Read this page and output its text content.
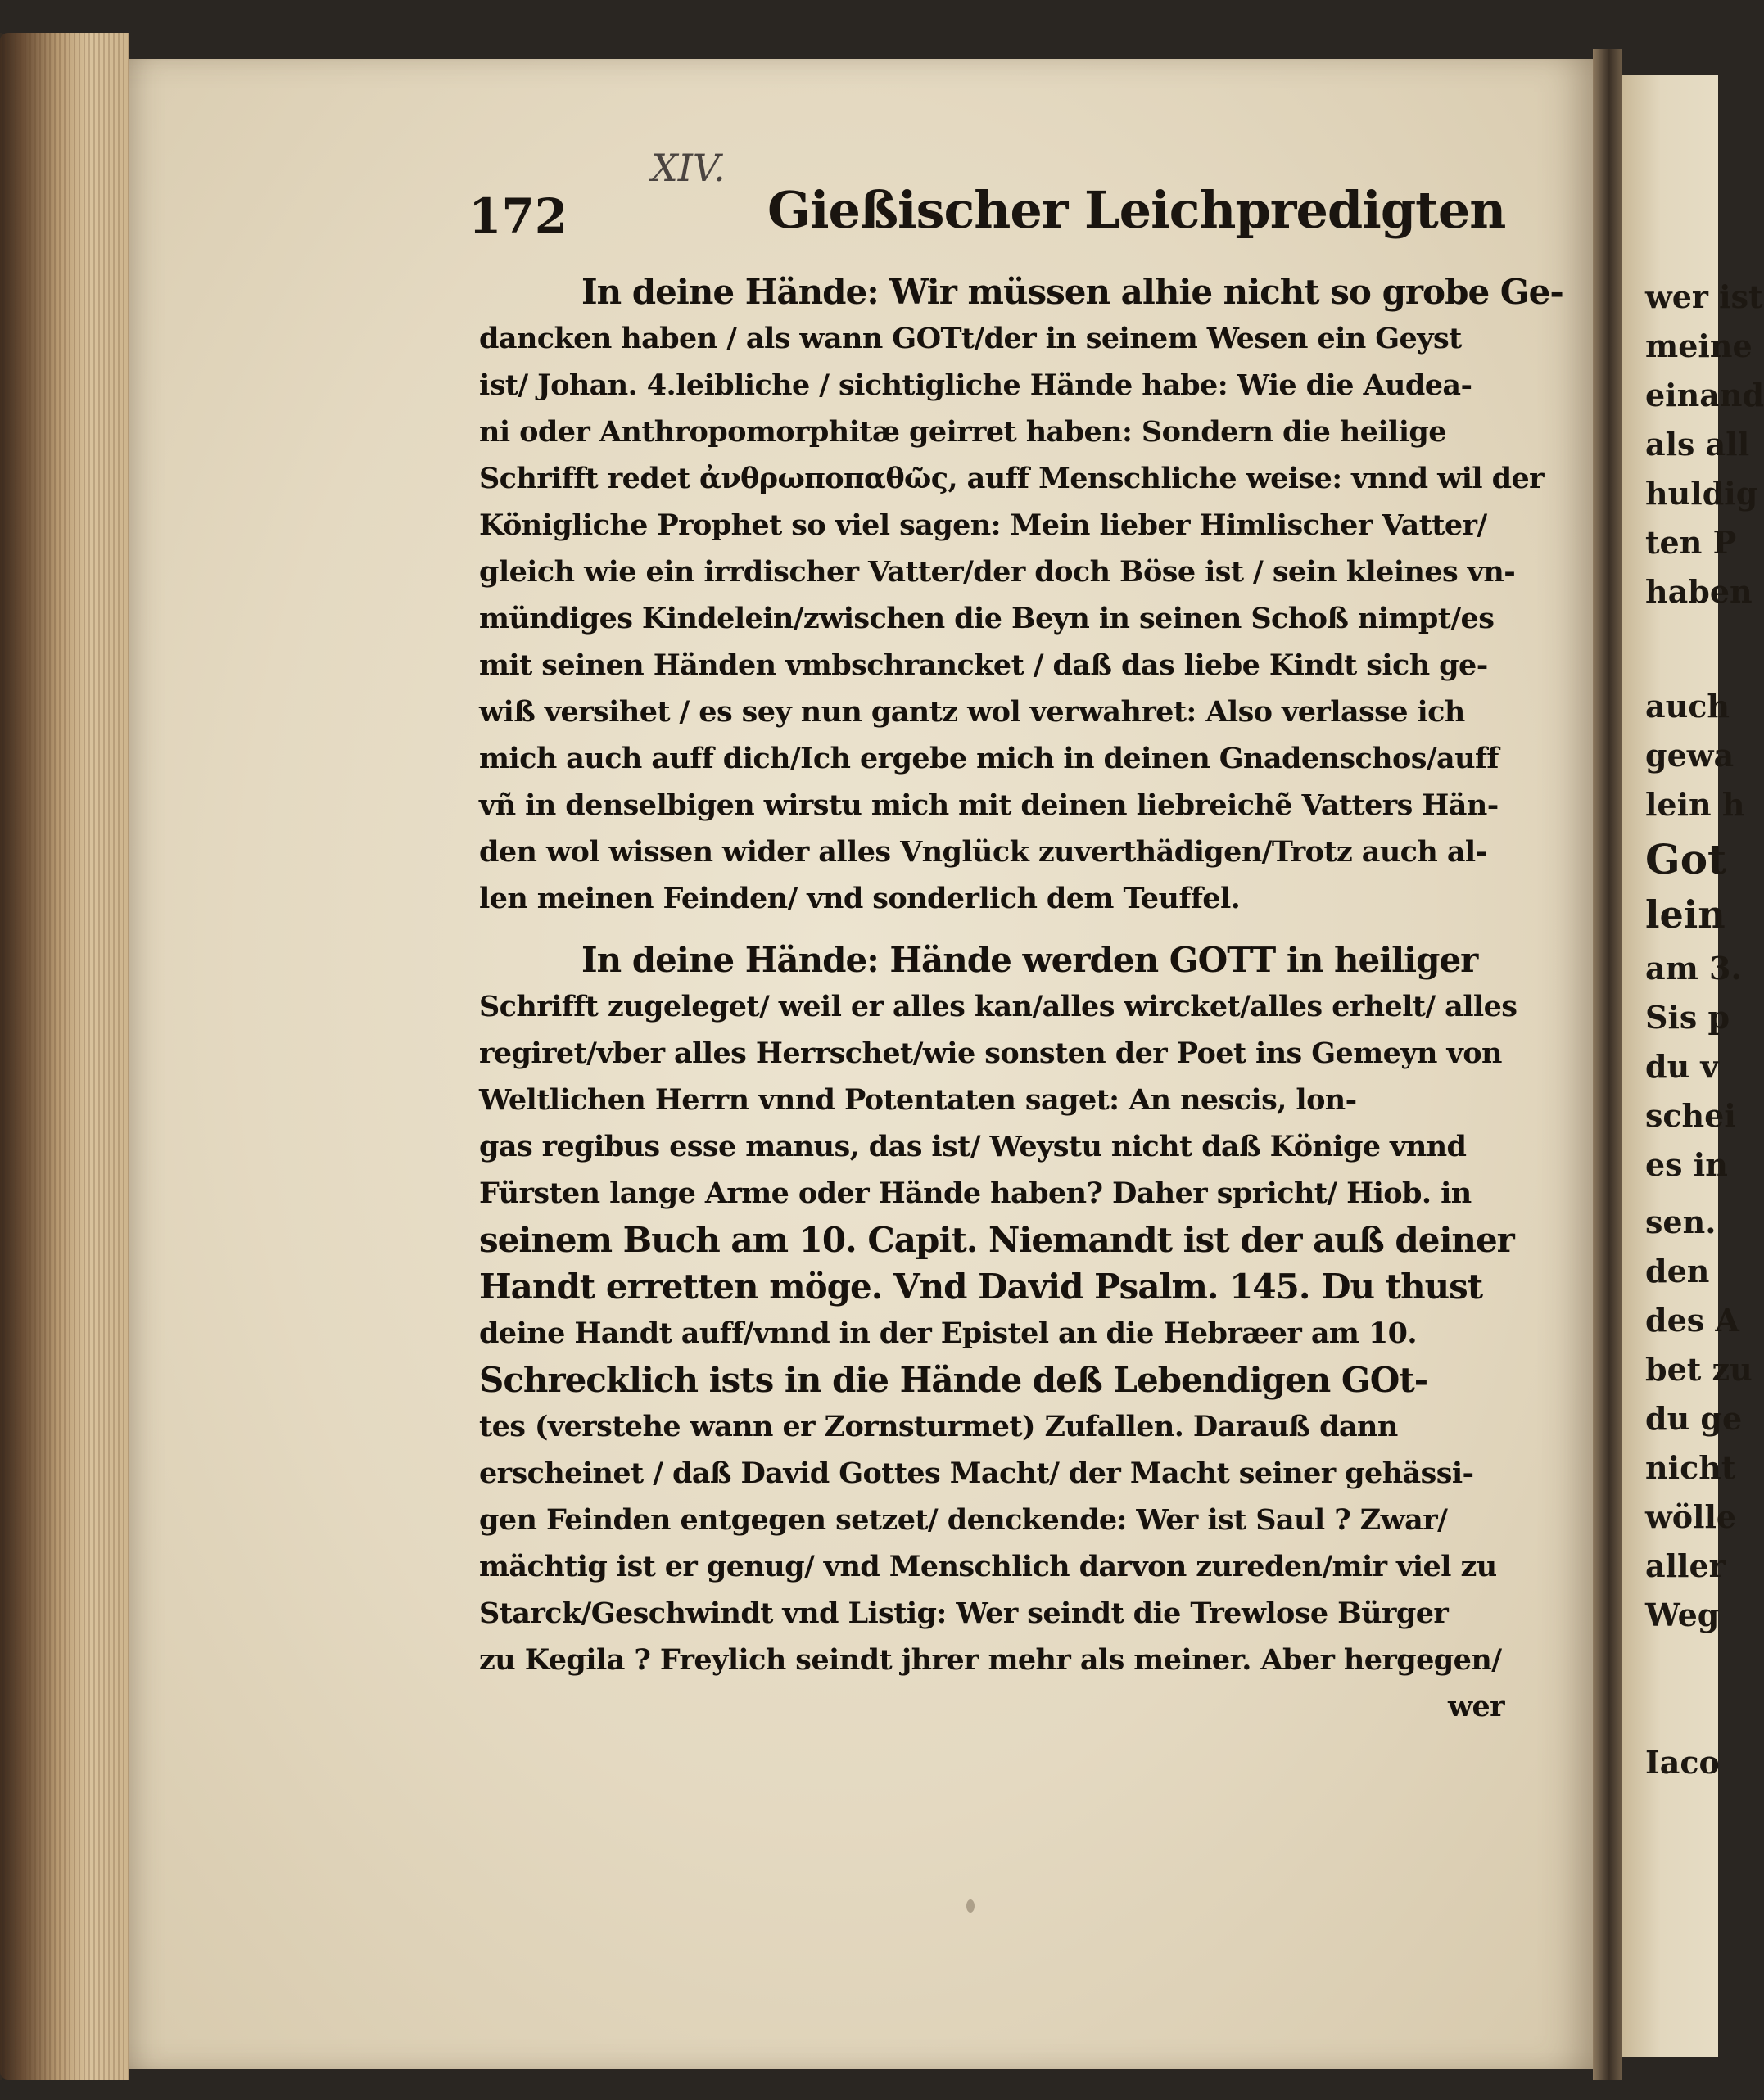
wer ist
meine
einand
als all
huldig
ten P
haben
auch
gewa
lein h
Got
lein
am 3.
Sis p
du v
schei
es in
sen.
den
des A
bet zu
du ge
nicht
wölle
aller
Weg
Iaco
XIV.
172	Gießischer Leichpredigten
In deine Hände: Wir müssen alhie nicht so grobe Ge-
dancken haben / als wann GOTt/der in seinem Wesen ein Geyst
ist/ Johan. 4.leibliche / sichtigliche Hände habe: Wie die Audea-
ni oder Anthropomorphitæ geirret haben: Sondern die heilige
Schrifft redet ἀνθρωποπαθῶς, auff Menschliche weise: vnnd wil der
Königliche Prophet so viel sagen: Mein lieber Himlischer Vatter/
gleich wie ein irrdischer Vatter/der doch Böse ist / sein kleines vn-
mündiges Kindelein/zwischen die Beyn in seinen Schoß nimpt/es
mit seinen Händen vmbschrancket / daß das liebe Kindt sich ge-
wiß versihet / es sey nun gantz wol verwahret: Also verlasse ich
mich auch auff dich/Ich ergebe mich in deinen Gnadenschos/auff
vñ in denselbigen wirstu mich mit deinen liebreichẽ Vatters Hän-
den wol wissen wider alles Vnglück zuverthädigen/Trotz auch al-
len meinen Feinden/ vnd sonderlich dem Teuffel.
In deine Hände: Hände werden GOTT in heiliger
Schrifft zugeleget/ weil er alles kan/alles wircket/alles erhelt/ alles
regiret/vber alles Herrschet/wie sonsten der Poet ins Gemeyn von
Weltlichen Herrn vnnd Potentaten saget: An nescis, lon-
gas regibus esse manus, das ist/ Weystu nicht daß Könige vnnd
Fürsten lange Arme oder Hände haben? Daher spricht/ Hiob. in
seinem Buch am 10. Capit. Niemandt ist der auß deiner
Handt erretten möge. Vnd David Psalm. 145. Du thust
deine Handt auff/vnnd in der Epistel an die Hebræer am 10.
Schrecklich ists in die Hände deß Lebendigen GOt-
tes (verstehe wann er Zornsturmet) Zufallen. Darauß dann
erscheinet / daß David Gottes Macht/ der Macht seiner gehässi-
gen Feinden entgegen setzet/ denckende: Wer ist Saul ? Zwar/
mächtig ist er genug/ vnd Menschlich darvon zureden/mir viel zu
Starck/Geschwindt vnd Listig: Wer seindt die Trewlose Bürger
zu Kegila ? Freylich seindt jhrer mehr als meiner. Aber hergegen/
wer
